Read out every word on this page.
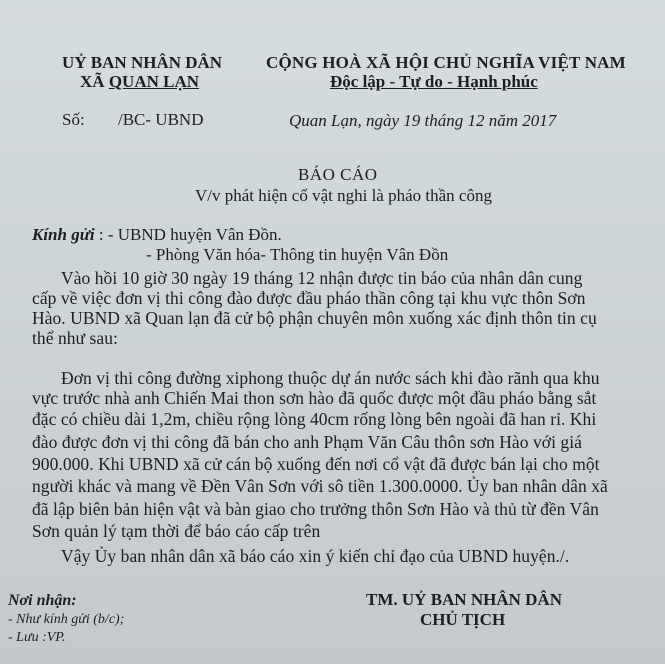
UỶ BAN NHÂN DÂN
XÃ QUAN LẠN
CỘNG HOÀ XÃ HỘI CHỦ NGHĨA VIỆT NAM
Độc lập - Tự do - Hạnh phúc
Số: /BC- UBND	Quan Lạn, ngày 19 tháng 12 năm 2017
BÁO CÁO
V/v phát hiện cổ vật nghi là pháo thần công
Kính gửi : - UBND huyện Vân Đồn.
- Phòng Văn hóa- Thông tin huyện Vân Đồn
Vào hồi 10 giờ 30 ngày 19 tháng 12 nhận được tin báo của nhân dân cung
cấp về việc đơn vị thi công đào được đầu pháo thần công tại khu vực thôn Sơn
Hào. UBND xã Quan lạn đã cử bộ phận chuyên môn xuống xác định thôn tin cụ
thể như sau:
Đơn vị thi công đường xiphong thuộc dự án nước sách khi đào rãnh qua khu
vực trước nhà anh Chiến Mai thon sơn hào đã quốc được một đầu pháo bằng sắt
đặc có chiều dài 1,2m, chiều rộng lòng 40cm rống lòng bên ngoài đã han rỉ. Khi
đào được đơn vị thi công đã bán cho anh Phạm Văn Câu thôn sơn Hào với giá
900.000. Khi UBND xã cử cán bộ xuống đến nơi cổ vật đã được bán lại cho một
người khác và mang về Đền Vân Sơn với sô tiền 1.300.0000. Ủy ban nhân dân xã
đã lập biên bản hiện vật và bàn giao cho trưởng thôn Sơn Hào và thủ từ đền Vân
Sơn quản lý tạm thời để báo cáo cấp trên
Vậy Ủy ban nhân dân xã báo cáo xin ý kiến chỉ đạo của UBND huyện./.
Nơi nhận:
- Như kính gửi (b/c);
- Lưu :VP.
TM. UỶ BAN NHÂN DÂN
CHỦ TỊCH
